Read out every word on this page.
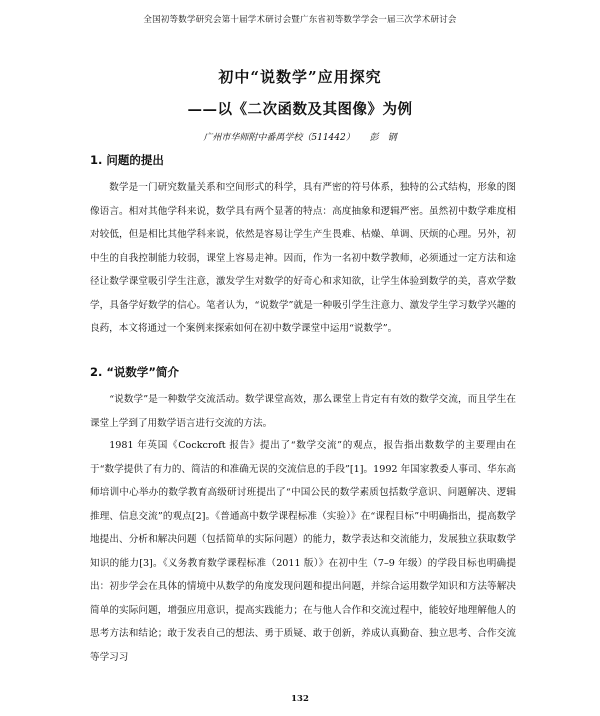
全国初等数学研究会第十届学术研讨会暨广东省初等数学学会一届三次学术研讨会
初中“说数学”应用探究
——以《二次函数及其图像》为例
广州市华师附中番禺学校（511442） 彭　钢
1. 问题的提出

数学是一门研究数量关系和空间形式的科学，具有严密的符号体系，独特的公式结构，形象的图像语言。相对其他学科来说，数学具有两个显著的特点：高度抽象和逻辑严密。虽然初中数学难度相对较低，但是相比其他学科来说，依然是容易让学生产生畏难、枯燥、单调、厌烦的心理。另外，初中生的自我控制能力较弱，课堂上容易走神。因而，作为一名初中数学教师，必须通过一定方法和途径让数学课堂吸引学生注意，激发学生对数学的好奇心和求知欲，让学生体验到数学的美，喜欢学数学，具备学好数学的信心。笔者认为，“说数学”就是一种吸引学生注意力、激发学生学习数学兴趣的良药，本文将通过一个案例来探索如何在初中数学课堂中运用“说数学”。

2. “说数学”简介

“说数学”是一种数学交流活动。数学课堂高效，那么课堂上肯定有有效的数学交流，而且学生在课堂上学到了用数学语言进行交流的方法。

1981 年英国《Cockcroft 报告》提出了“数学交流”的观点，报告指出数数学的主要理由在于“数学提供了有力的、简洁的和准确无误的交流信息的手段”[1]。1992 年国家教委人事司、华东高师培训中心举办的数学教育高级研讨班提出了“中国公民的数学素质包括数学意识、问题解决、逻辑推理、信息交流”的观点[2]。《普通高中数学课程标准（实验）》在“课程目标”中明确指出，提高数学地提出、分析和解决问题（包括简单的实际问题）的能力，数学表达和交流能力，发展独立获取数学知识的能力[3]。《义务教育数学课程标准（2011 版）》在初中生（7–9 年级）的学段目标也明确提出：初步学会在具体的情境中从数学的角度发现问题和提出问题，并综合运用数学知识和方法等解决简单的实际问题，增强应用意识，提高实践能力；在与他人合作和交流过程中，能较好地理解他人的思考方法和结论；敢于发表自己的想法、勇于质疑、敢于创新，养成认真勤奋、独立思考、合作交流等学习习

132
